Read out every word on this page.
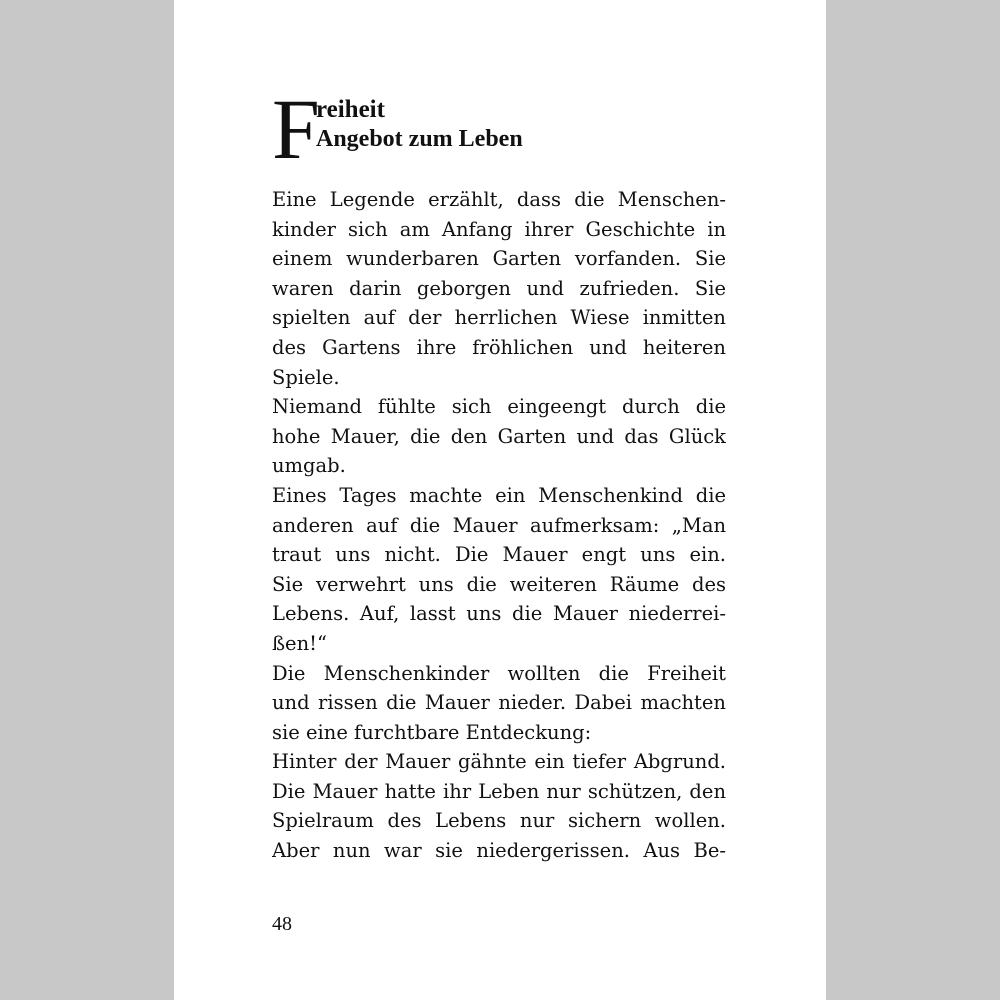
F
reiheit
Angebot zum Leben
Eine Legende erzählt, dass die Menschen-
kinder sich am Anfang ihrer Geschichte in
einem wunderbaren Garten vorfanden. Sie
waren darin geborgen und zufrieden. Sie
spielten auf der herrlichen Wiese inmitten
des Gartens ihre fröhlichen und heiteren
Spiele.
Niemand fühlte sich eingeengt durch die
hohe Mauer, die den Garten und das Glück
umgab.
Eines Tages machte ein Menschenkind die
anderen auf die Mauer aufmerksam: „Man
traut uns nicht. Die Mauer engt uns ein.
Sie verwehrt uns die weiteren Räume des
Lebens. Auf, lasst uns die Mauer niederrei-
ßen!“
Die Menschenkinder wollten die Freiheit
und rissen die Mauer nieder. Dabei machten
sie eine furchtbare Entdeckung:
Hinter der Mauer gähnte ein tiefer Abgrund.
Die Mauer hatte ihr Leben nur schützen, den
Spielraum des Lebens nur sichern wollen.
Aber nun war sie niedergerissen. Aus Be-
48
